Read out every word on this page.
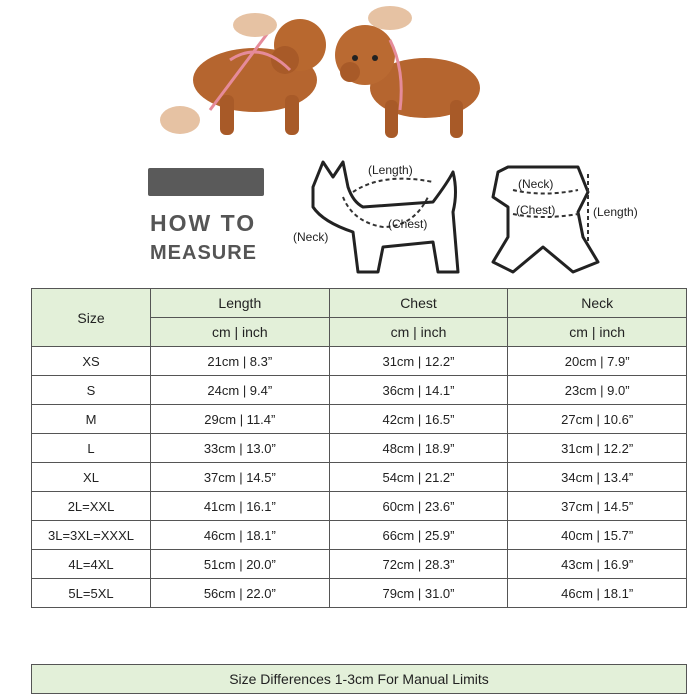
HOW TO
MEASURE
(Length)
(Chest)
(Neck)
(Neck)
(Chest)	(Length)
Size	Length	Chest	Neck
	cm | inch	cm | inch	cm | inch
XS	21cm | 8.3”	31cm | 12.2”	20cm | 7.9”
S	24cm | 9.4”	36cm | 14.1”	23cm | 9.0”
M	29cm | 11.4”	42cm | 16.5”	27cm | 10.6”
L	33cm | 13.0”	48cm | 18.9”	31cm | 12.2”
XL	37cm | 14.5”	54cm | 21.2”	34cm | 13.4”
2L=XXL	41cm | 16.1”	60cm | 23.6”	37cm | 14.5”
3L=3XL=XXXL	46cm | 18.1”	66cm | 25.9”	40cm | 15.7”
4L=4XL	51cm | 20.0”	72cm | 28.3”	43cm | 16.9”
5L=5XL	56cm | 22.0”	79cm | 31.0”	46cm | 18.1”
Size Differences 1-3cm For Manual Limits
